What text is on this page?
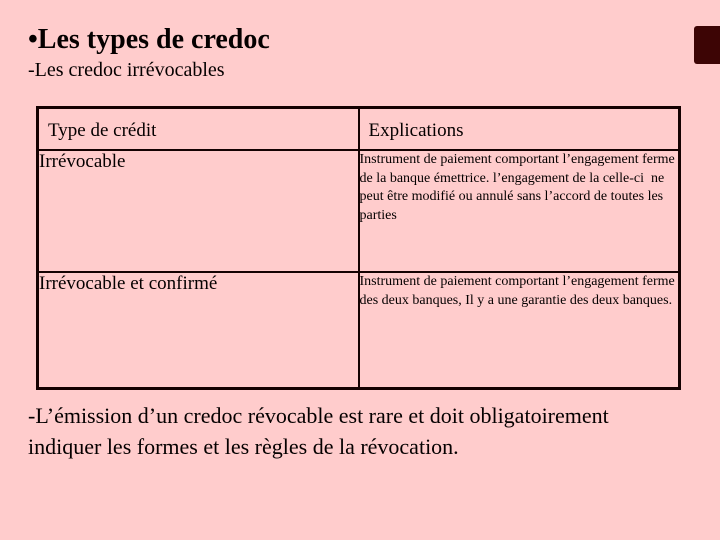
•Les types de credoc
-Les credoc irrévocables
Type de crédit	Explications
Irrévocable	Instrument de paiement comportant l’engagement ferme de la banque émettrice. l’engagement de la celle-ci  ne peut être modifié ou annulé sans l’accord de toutes les parties
Irrévocable et confirmé	Instrument de paiement comportant l’engagement ferme des deux banques, Il y a une garantie des deux banques.
-L’émission d’un credoc révocable est rare et doit obligatoirement indiquer les formes et les règles de la révocation.
